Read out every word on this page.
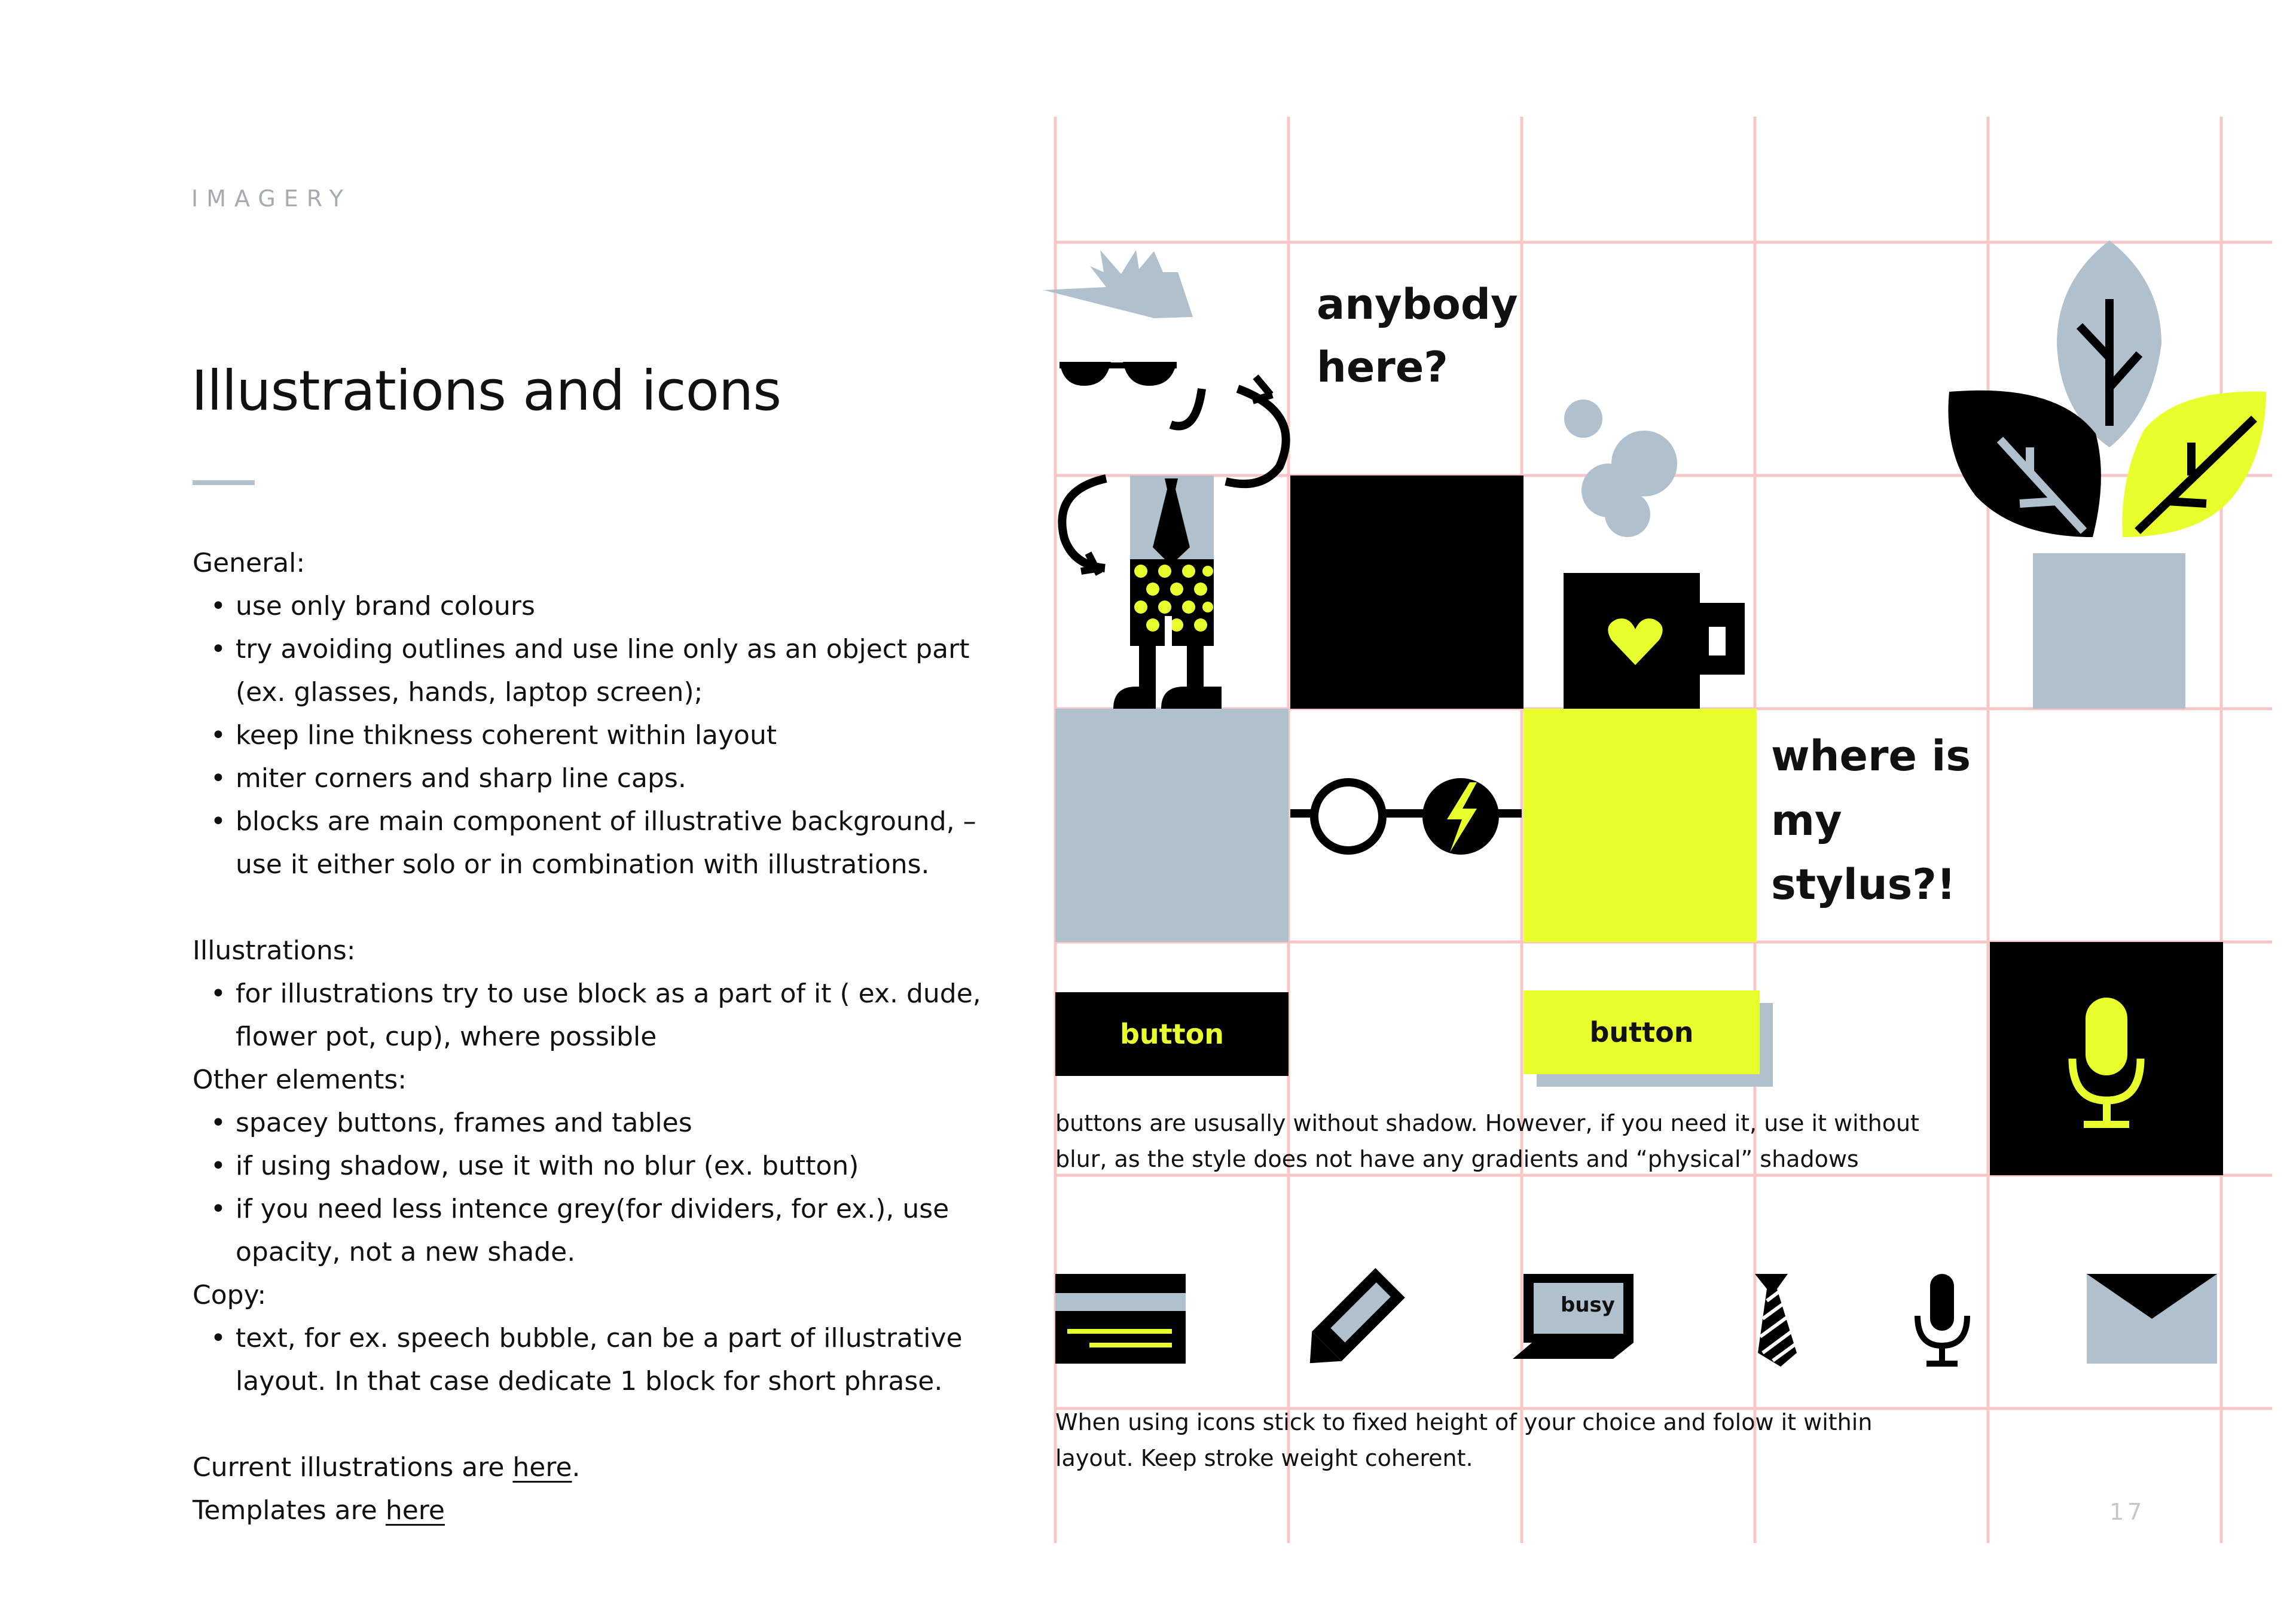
IMAGERY
Illustrations and icons
General:
• use only brand colours
• try avoiding outlines and use line only as an object part
(ex. glasses, hands, laptop screen);
• keep line thikness coherent within layout
• miter corners and sharp line caps.
• blocks are main component of illustrative background, –
use it either solo or in combination with illustrations.
Illustrations:
• for illustrations try to use block as a part of it ( ex. dude,
flower pot, cup), where possible
Other elements:
• spacey buttons, frames and tables
• if using shadow, use it with no blur (ex. button)
• if you need less intence grey(for dividers, for ex.), use
opacity, not a new shade.
Copy:
• text, for ex. speech bubble, can be a part of illustrative
layout. In that case dedicate 1 block for short phrase.
Current illustrations are here.
Templates are here
anybody
here?
where is
my
stylus?!
button	button
buttons are ususally without shadow. However, if you need it, use it without
blur, as the style does not have any gradients and “physical” shadows
When using icons stick to fixed height of your choice and folow it within
layout. Keep stroke weight coherent.
busy
17
